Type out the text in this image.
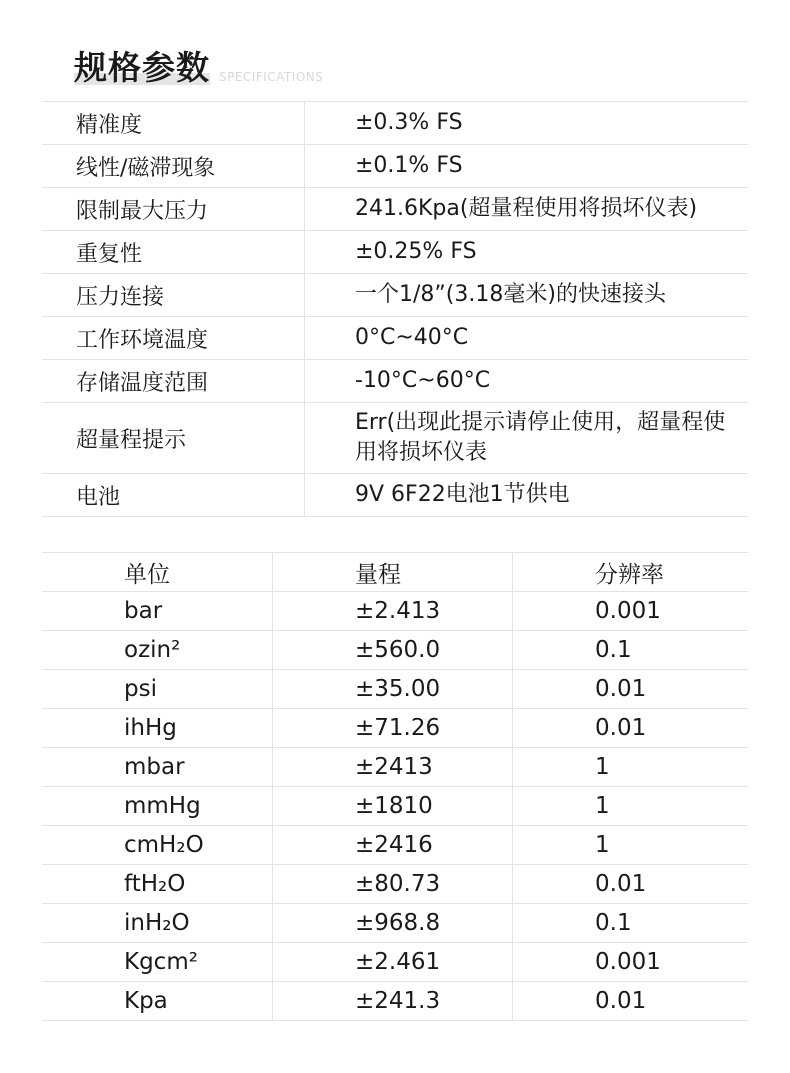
规格参数 SPECIFICATIONS
精准度	±0.3% FS
线性/磁滞现象	±0.1% FS
限制最大压力	241.6Kpa(超量程使用将损坏仪表)
重复性	±0.25% FS
压力连接	一个1/8”(3.18毫米)的快速接头
工作环境温度	0°C~40°C
存储温度范围	-10°C~60°C
超量程提示	Err(出现此提示请停止使用，超量程使用将损坏仪表
电池	9V 6F22电池1节供电
单位	量程	分辨率
bar	±2.413	0.001
ozin²	±560.0	0.1
psi	±35.00	0.01
ihHg	±71.26	0.01
mbar	±2413	1
mmHg	±1810	1
cmH₂O	±2416	1
ftH₂O	±80.73	0.01
inH₂O	±968.8	0.1
Kgcm²	±2.461	0.001
Kpa	±241.3	0.01
